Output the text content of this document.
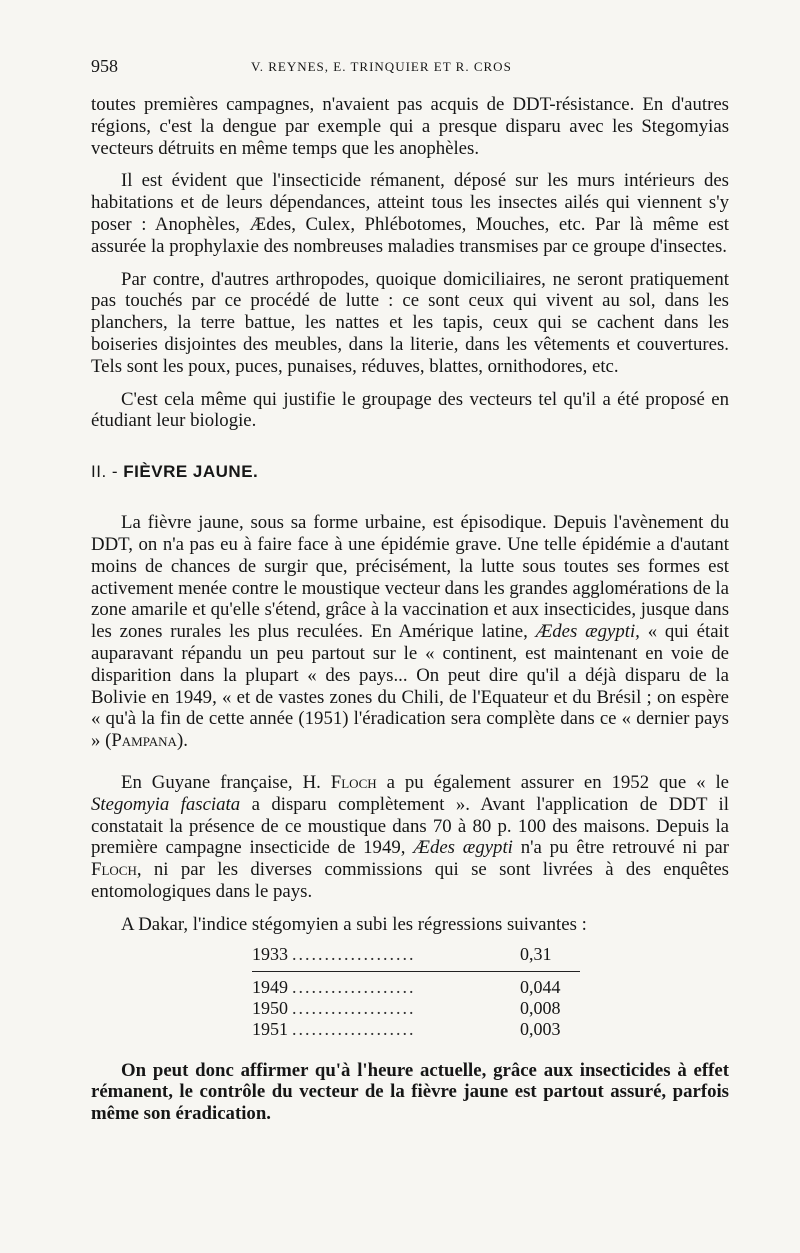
958	V. REYNES, E. TRINQUIER ET R. CROS

toutes premières campagnes, n'avaient pas acquis de DDT-résistance. En d'autres régions, c'est la dengue par exemple qui a presque disparu avec les Stegomyias vecteurs détruits en même temps que les anophèles.

Il est évident que l'insecticide rémanent, déposé sur les murs intérieurs des habitations et de leurs dépendances, atteint tous les insectes ailés qui viennent s'y poser : Anophèles, Ædes, Culex, Phlébotomes, Mouches, etc. Par là même est assurée la prophylaxie des nombreuses maladies transmises par ce groupe d'insectes.

Par contre, d'autres arthropodes, quoique domiciliaires, ne seront pratiquement pas touchés par ce procédé de lutte : ce sont ceux qui vivent au sol, dans les planchers, la terre battue, les nattes et les tapis, ceux qui se cachent dans les boiseries disjointes des meubles, dans la literie, dans les vêtements et couvertures. Tels sont les poux, puces, punaises, réduves, blattes, ornithodores, etc.

C'est cela même qui justifie le groupage des vecteurs tel qu'il a été proposé en étudiant leur biologie.

II. - FIÈVRE JAUNE.

La fièvre jaune, sous sa forme urbaine, est épisodique. Depuis l'avènement du DDT, on n'a pas eu à faire face à une épidémie grave. Une telle épidémie a d'autant moins de chances de surgir que, précisément, la lutte sous toutes ses formes est activement menée contre le moustique vecteur dans les grandes agglomérations de la zone amarile et qu'elle s'étend, grâce à la vaccination et aux insecticides, jusque dans les zones rurales les plus reculées. En Amérique latine, Ædes ægypti, « qui était auparavant répandu un peu partout sur le « continent, est maintenant en voie de disparition dans la plupart « des pays... On peut dire qu'il a déjà disparu de la Bolivie en 1949, « et de vastes zones du Chili, de l'Equateur et du Brésil ; on espère « qu'à la fin de cette année (1951) l'éradication sera complète dans ce « dernier pays » (Pampana).

En Guyane française, H. Floch a pu également assurer en 1952 que « le Stegomyia fasciata a disparu complètement ». Avant l'application de DDT il constatait la présence de ce moustique dans 70 à 80 p. 100 des maisons. Depuis la première campagne insecticide de 1949, Ædes ægypti n'a pu être retrouvé ni par Floch, ni par les diverses commissions qui se sont livrées à des enquêtes entomologiques dans le pays.

A Dakar, l'indice stégomyien a subi les régressions suivantes :

1933 ...................	0,31
1949 ...................	0,044
1950 ...................	0,008
1951 ...................	0,003

On peut donc affirmer qu'à l'heure actuelle, grâce aux insecticides à effet rémanent, le contrôle du vecteur de la fièvre jaune est partout assuré, parfois même son éradication.
